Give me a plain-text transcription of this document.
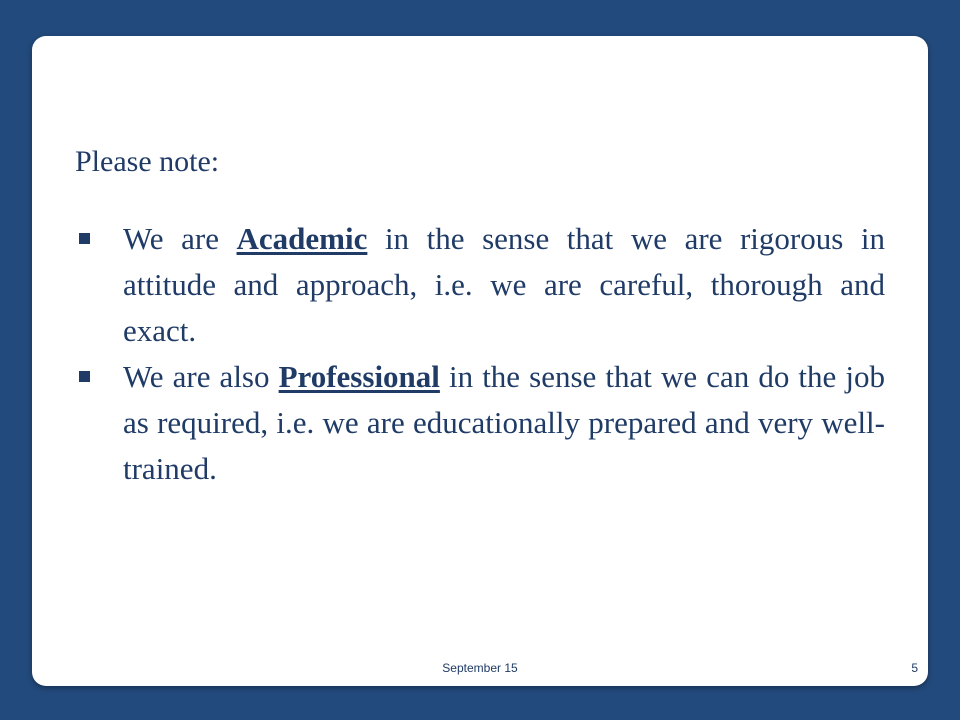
Please note:

We are Academic in the sense that we are rigorous in attitude and approach, i.e. we are careful, thorough and exact.
We are also Professional in the sense that we can do the job as required, i.e. we are educationally prepared and very well-trained.
September 15	5
